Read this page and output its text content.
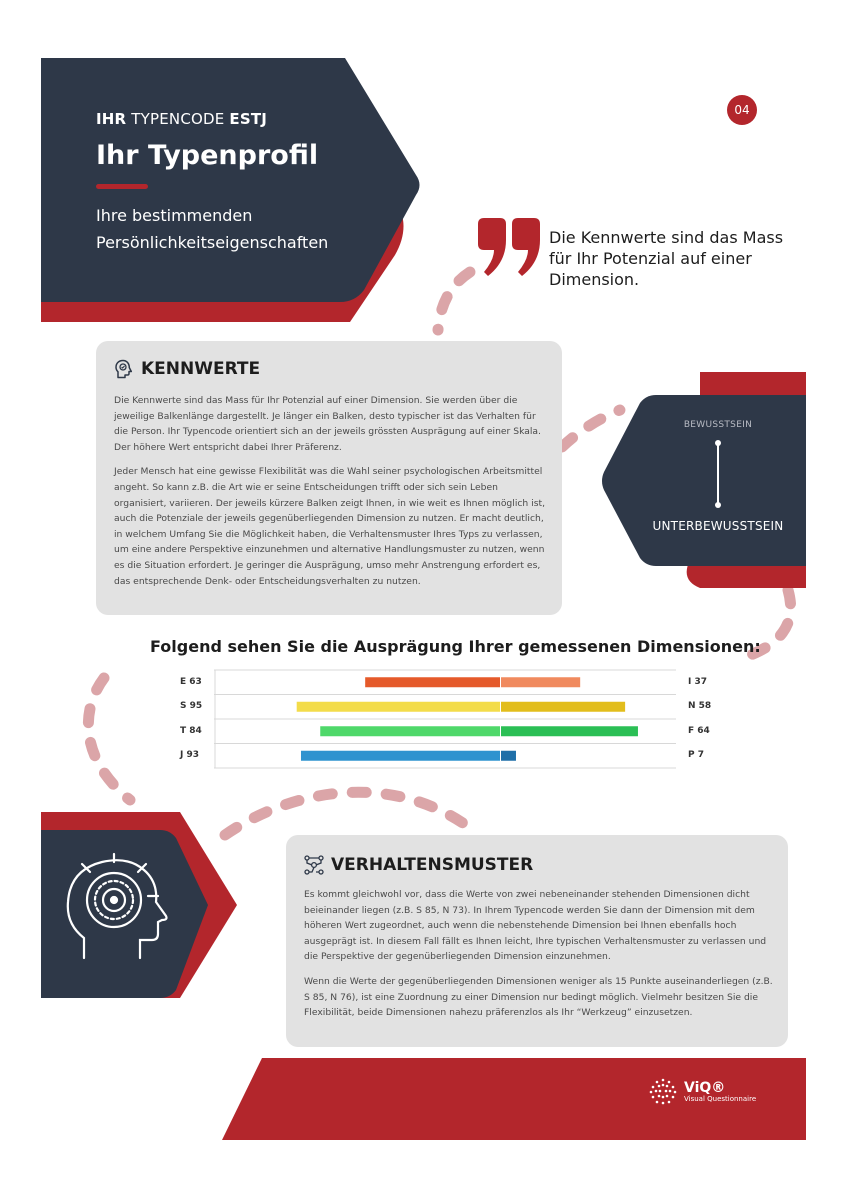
IHR TYPENCODE ESTJ
Ihr Typenprofil
Ihre bestimmenden Persönlichkeitseigenschaften
04
Die Kennwerte sind das Mass für Ihr Potenzial auf einer Dimension.
KENNWERTE

Die Kennwerte sind das Mass für Ihr Potenzial auf einer Dimension. Sie werden über die jeweilige Balkenlänge dargestellt. Je länger ein Balken, desto typischer ist das Verhalten für die Person. Ihr Typencode orientiert sich an der jeweils grössten Ausprägung auf einer Skala. Der höhere Wert entspricht dabei Ihrer Präferenz.

Jeder Mensch hat eine gewisse Flexibilität was die Wahl seiner psychologischen Arbeitsmittel angeht. So kann z.B. die Art wie er seine Entscheidungen trifft oder sich sein Leben organisiert, variieren. Der jeweils kürzere Balken zeigt Ihnen, in wie weit es Ihnen möglich ist, auch die Potenziale der jeweils gegenüberliegenden Dimension zu nutzen. Er macht deutlich, in welchem Umfang Sie die Möglichkeit haben, die Verhaltensmuster Ihres Typs zu verlassen, um eine andere Perspektive einzunehmen und alternative Handlungsmuster zu nutzen, wenn es die Situation erfordert. Je geringer die Ausprägung, umso mehr Anstrengung erfordert es, das entsprechende Denk- oder Entscheidungsverhalten zu nutzen.

BEWUSSTSEIN
UNTERBEWUSSTSEIN
Folgend sehen Sie die Ausprägung Ihrer gemessenen Dimensionen:
E 63
S 95
T 84
J 93
I 37
N 58
F 64
P 7
VERHALTENSMUSTER

Es kommt gleichwohl vor, dass die Werte von zwei nebeneinander stehenden Dimensionen dicht beieinander liegen (z.B. S 85, N 73). In Ihrem Typencode werden Sie dann der Dimension mit dem höheren Wert zugeordnet, auch wenn die nebenstehende Dimension bei Ihnen ebenfalls hoch ausgeprägt ist. In diesem Fall fällt es Ihnen leicht, Ihre typischen Verhaltensmuster zu verlassen und die Perspektive der gegenüberliegenden Dimension einzunehmen.

Wenn die Werte der gegenüberliegenden Dimensionen weniger als 15 Punkte auseinanderliegen (z.B. S 85, N 76), ist eine Zuordnung zu einer Dimension nur bedingt möglich. Vielmehr besitzen Sie die Flexibilität, beide Dimensionen nahezu präferenzlos als Ihr “Werkzeug” einzusetzen.

ViQ®
Visual Questionnaire
